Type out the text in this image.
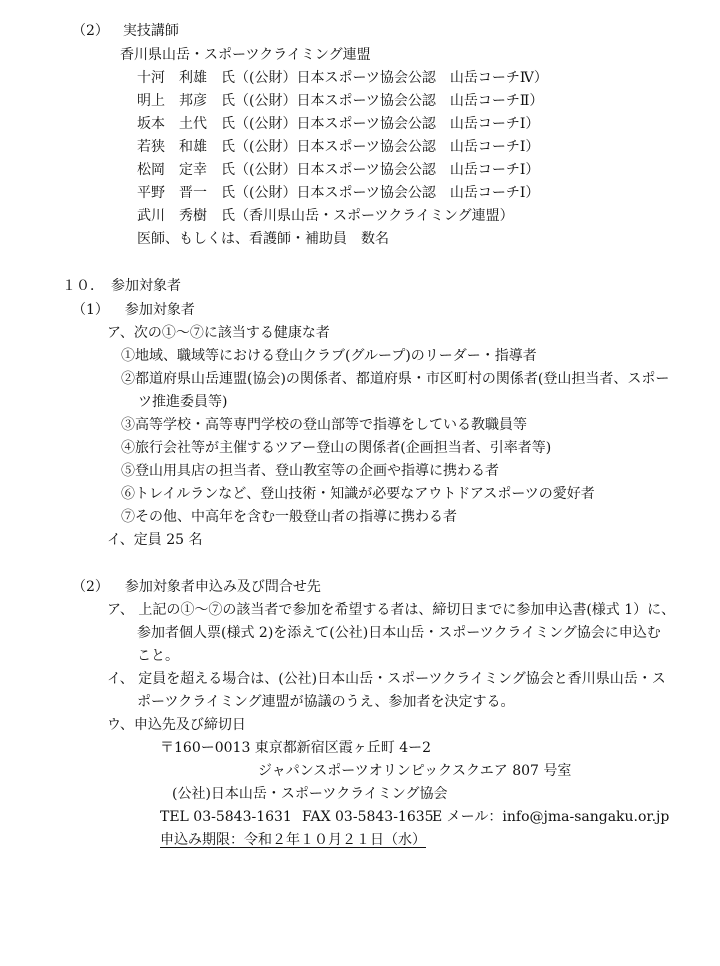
（2） 実技講師
香川県山岳・スポーツクライミング連盟
十河　利雄　氏（(公財）日本スポーツ協会公認　山岳コーチⅣ）
明上　邦彦　氏（(公財）日本スポーツ協会公認　山岳コーチⅡ）
坂本　土代　氏（(公財）日本スポーツ協会公認　山岳コーチⅠ）
若狭　和雄　氏（(公財）日本スポーツ協会公認　山岳コーチⅠ）
松岡　定幸　氏（(公財）日本スポーツ協会公認　山岳コーチⅠ）
平野　晋一　氏（(公財）日本スポーツ協会公認　山岳コーチⅠ）
武川　秀樹　氏（香川県山岳・スポーツクライミング連盟）
医師、もしくは、看護師・補助員　数名
１０．　参加対象者
（1） 参加対象者
ア、次の①～⑦に該当する健康な者
①地域、職域等における登山クラブ(グループ)のリーダー・指導者
②都道府県山岳連盟(協会)の関係者、都道府県・市区町村の関係者(登山担当者、スポー
ツ推進委員等)
③高等学校・高等専門学校の登山部等で指導をしている教職員等
④旅行会社等が主催するツアー登山の関係者(企画担当者、引率者等)
⑤登山用具店の担当者、登山教室等の企画や指導に携わる者
⑥トレイルランなど、登山技術・知識が必要なアウトドアスポーツの愛好者
⑦その他、中高年を含む一般登山者の指導に携わる者
イ、定員 25 名
（2） 参加対象者申込み及び問合せ先
ア、 上記の①～⑦の該当者で参加を希望する者は、締切日までに参加申込書(様式 1）に、
参加者個人票(様式 2)を添えて(公社)日本山岳・スポーツクライミング協会に申込む
こと。
イ、 定員を超える場合は、(公社)日本山岳・スポーツクライミング協会と香川県山岳・ス
ポーツクライミング連盟が協議のうえ、参加者を決定する。
ウ、申込先及び締切日
〒160ー0013 東京都新宿区霞ヶ丘町 4ー2
ジャパンスポーツオリンピックスクエア 807 号室
(公社)日本山岳・スポーツクライミング協会
TEL 03-5843-1631 FAX 03-5843-1635
E メール：info@jma-sangaku.or.jp
申込み期限：令和２年１０月２１日（水）
